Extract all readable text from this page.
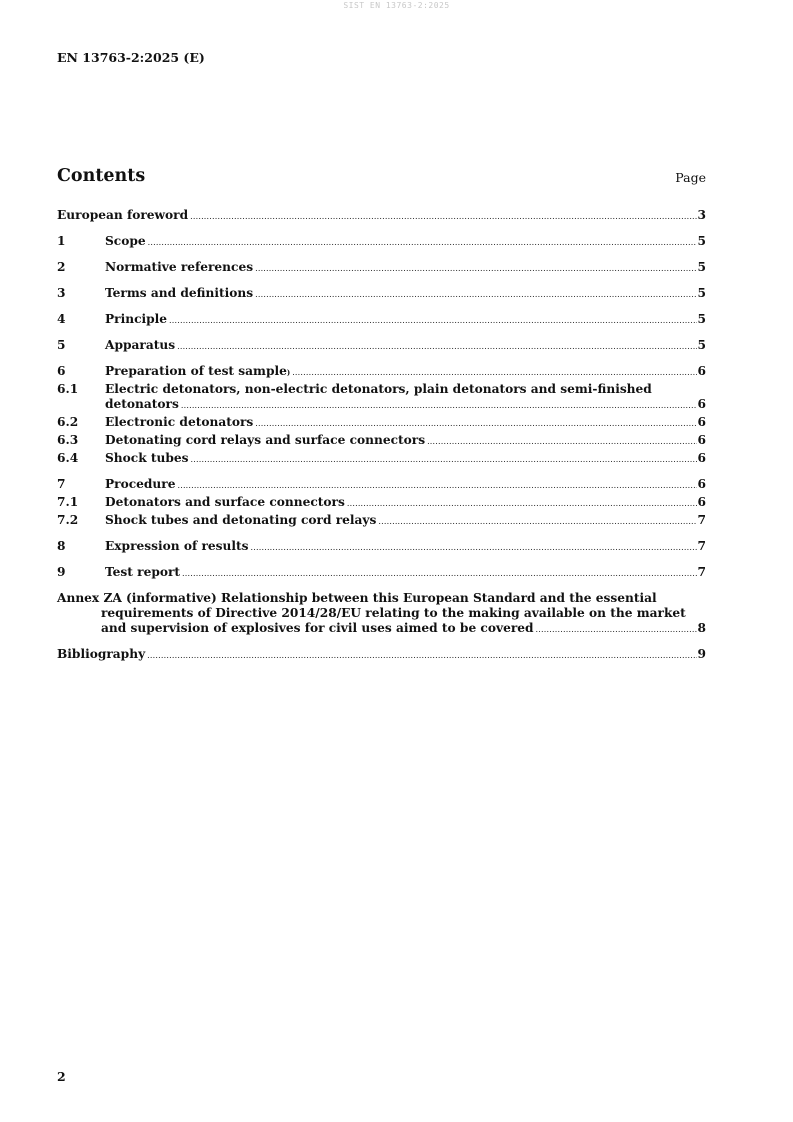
SIST EN 13763-2:2025
EN 13763-2:2025 (E)
Contents	Page
European foreword .....	3
1	Scope .....	5
2	Normative references .....	5
3	Terms and definitions .....	5
4	Principle .....	5
5	Apparatus .....	5
6	Preparation of test sample ) .....	6
6.1	Electric detonators, non-electric detonators, plain detonators and semi-finished
detonators .....	6
6.2	Electronic detonators .....	6
6.3	Detonating cord relays and surface connectors .....	6
6.4	Shock tubes .....	6
7	Procedure .....	6
7.1	Detonators and surface connectors .....	6
7.2	Shock tubes and detonating cord relays .....	7
8	Expression of results .....	7
9	Test report .....	7
Annex ZA (informative) Relationship between this European Standard and the essential
requirements of Directive 2014/28/EU relating to the making available on the market
and supervision of explosives for civil uses aimed to be covered .....	8
Bibliography .....	9
2
